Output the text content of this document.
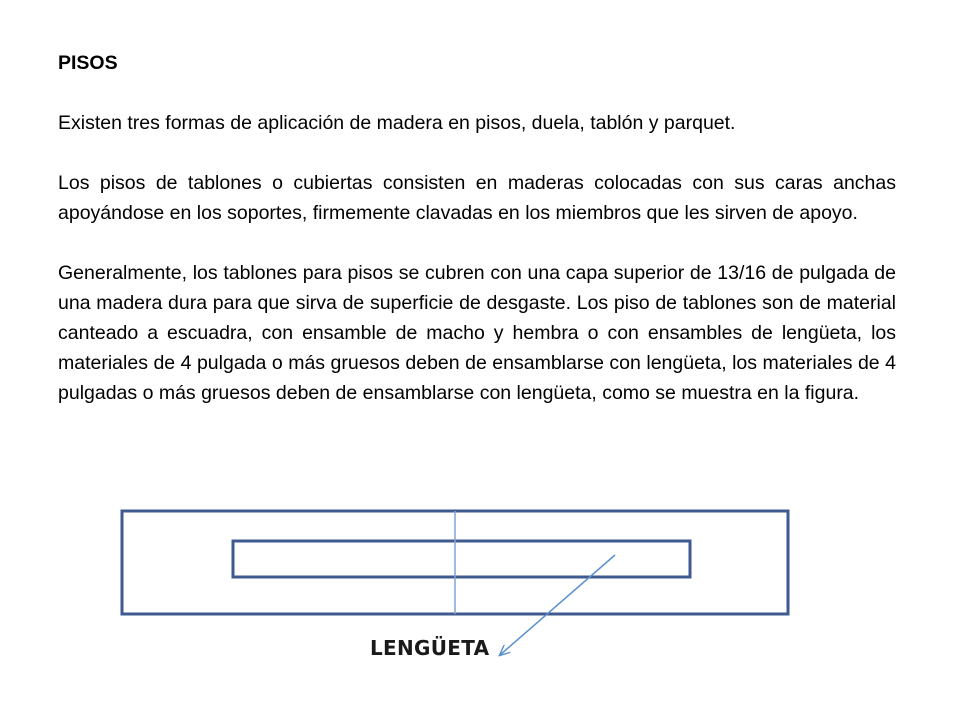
PISOS
Existen tres formas de aplicación de madera en pisos, duela, tablón y parquet.
Los pisos de tablones o cubiertas consisten en maderas colocadas con sus caras anchas apoyándose en los soportes, firmemente clavadas en los miembros que les sirven de apoyo.
Generalmente, los tablones para pisos se cubren con una capa superior de 13/16 de pulgada de una madera dura para que sirva de superficie de desgaste. Los piso de tablones son de material canteado a escuadra, con ensamble de macho y hembra o con ensambles de lengüeta, los materiales de 4 pulgada o más gruesos deben de ensamblarse con lengüeta, los materiales de 4 pulgadas o más gruesos deben de ensamblarse con lengüeta, como se muestra en la figura.
LENGÜETA
